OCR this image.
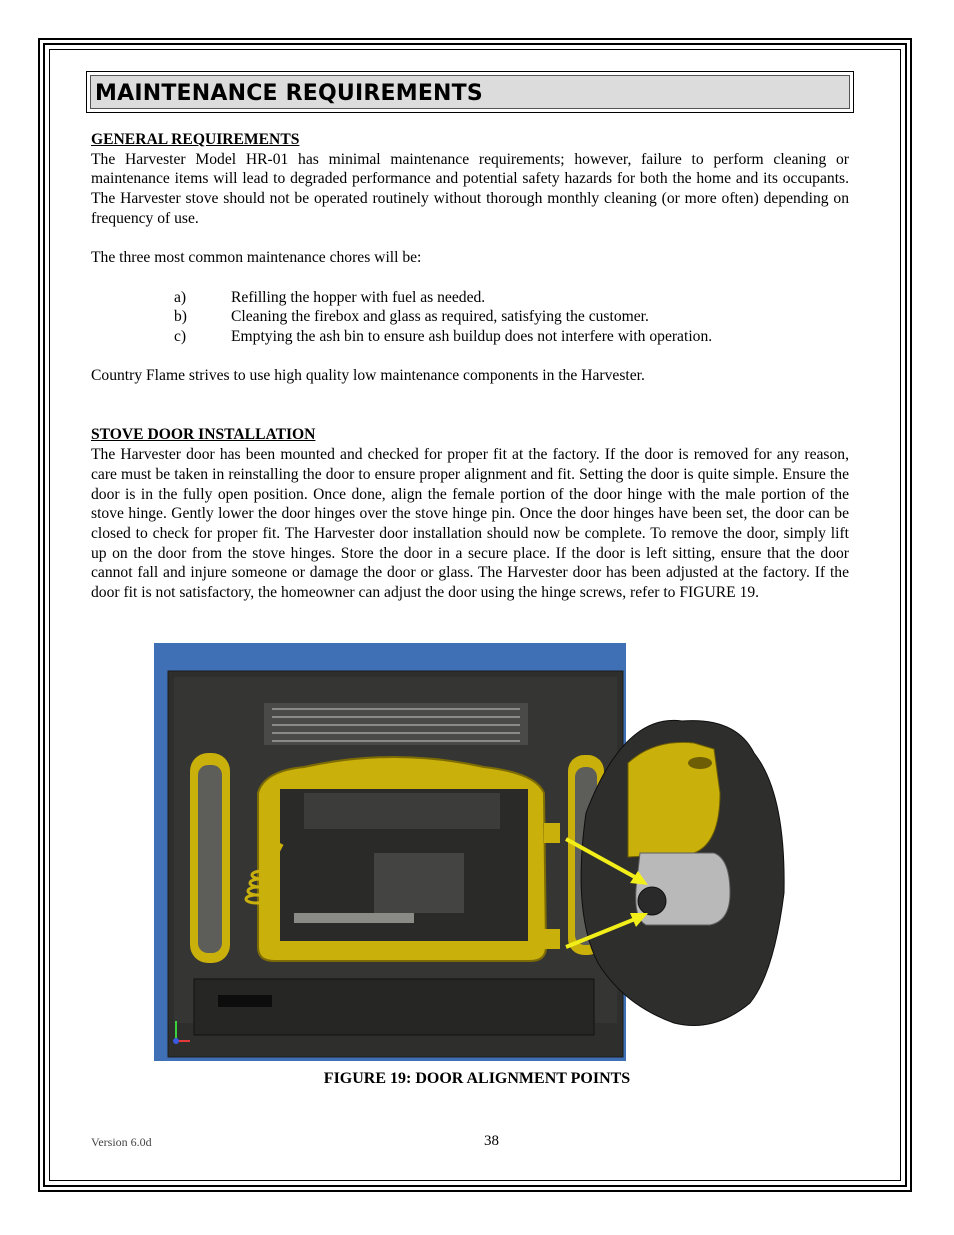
MAINTENANCE REQUIREMENTS
GENERAL REQUIREMENTS

The Harvester Model HR-01 has minimal maintenance requirements; however, failure to perform cleaning or maintenance items will lead to degraded performance and potential safety hazards for both the home and its occupants. The Harvester stove should not be operated routinely without thorough monthly cleaning (or more often) depending on frequency of use.

The three most common maintenance chores will be:

a)	Refilling the hopper with fuel as needed.
b)	Cleaning the firebox and glass as required, satisfying the customer.
c)	Emptying the ash bin to ensure ash buildup does not interfere with operation.

Country Flame strives to use high quality low maintenance components in the Harvester.

STOVE DOOR INSTALLATION

The Harvester door has been mounted and checked for proper fit at the factory. If the door is removed for any reason, care must be taken in reinstalling the door to ensure proper alignment and fit. Setting the door is quite simple. Ensure the door is in the fully open position. Once done, align the female portion of the door hinge with the male portion of the stove hinge. Gently lower the door hinges over the stove hinge pin. Once the door hinges have been set, the door can be closed to check for proper fit. The Harvester door installation should now be complete. To remove the door, simply lift up on the door from the stove hinges. Store the door in a secure place. If the door is left sitting, ensure that the door cannot fall and injure someone or damage the door or glass. The Harvester door has been adjusted at the factory. If the door fit is not satisfactory, the homeowner can adjust the door using the hinge screws, refer to FIGURE 19.

FIGURE 19: DOOR ALIGNMENT POINTS
Version 6.0d	38
